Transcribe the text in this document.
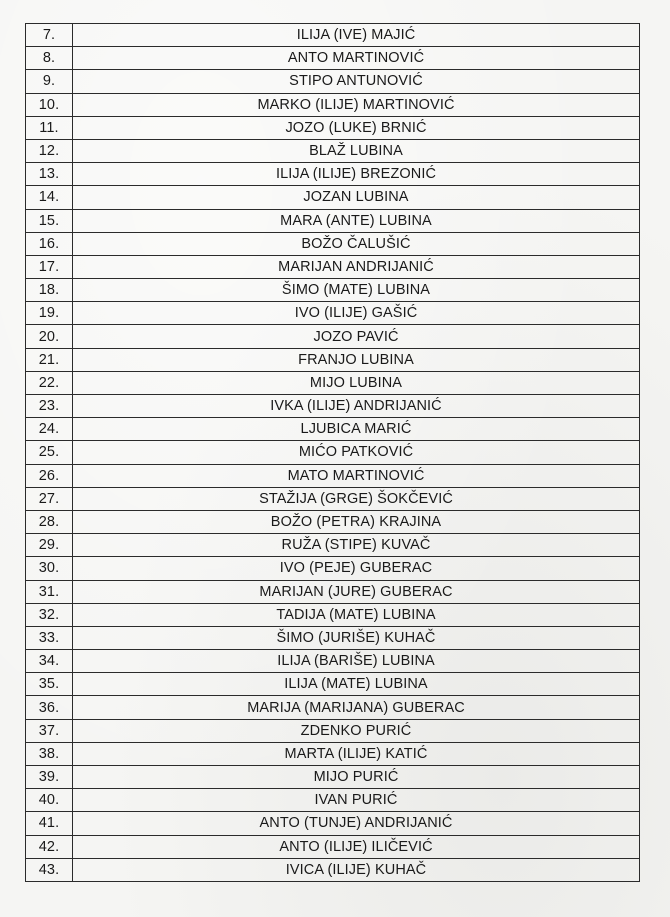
7.	ILIJA (IVE) MAJIĆ
8.	ANTO MARTINOVIĆ
9.	STIPO ANTUNOVIĆ
10.	MARKO (ILIJE) MARTINOVIĆ
11.	JOZO (LUKE) BRNIĆ
12.	BLAŽ LUBINA
13.	ILIJA (ILIJE) BREZONIĆ
14.	JOZAN LUBINA
15.	MARA (ANTE) LUBINA
16.	BOŽO ČALUŠIĆ
17.	MARIJAN ANDRIJANIĆ
18.	ŠIMO (MATE) LUBINA
19.	IVO (ILIJE) GAŠIĆ
20.	JOZO PAVIĆ
21.	FRANJO LUBINA
22.	MIJO LUBINA
23.	IVKA (ILIJE) ANDRIJANIĆ
24.	LJUBICA MARIĆ
25.	MIĆO PATKOVIĆ
26.	MATO MARTINOVIĆ
27.	STAŽIJA (GRGE) ŠOKČEVIĆ
28.	BOŽO (PETRA) KRAJINA
29.	RUŽA (STIPE) KUVAČ
30.	IVO (PEJE) GUBERAC
31.	MARIJAN (JURE) GUBERAC
32.	TADIJA (MATE) LUBINA
33.	ŠIMO (JURIŠE) KUHAČ
34.	ILIJA (BARIŠE) LUBINA
35.	ILIJA (MATE) LUBINA
36.	MARIJA (MARIJANA) GUBERAC
37.	ZDENKO PURIĆ
38.	MARTA (ILIJE) KATIĆ
39.	MIJO PURIĆ
40.	IVAN PURIĆ
41.	ANTO (TUNJE) ANDRIJANIĆ
42.	ANTO (ILIJE) ILIČEVIĆ
43.	IVICA (ILIJE) KUHAČ
